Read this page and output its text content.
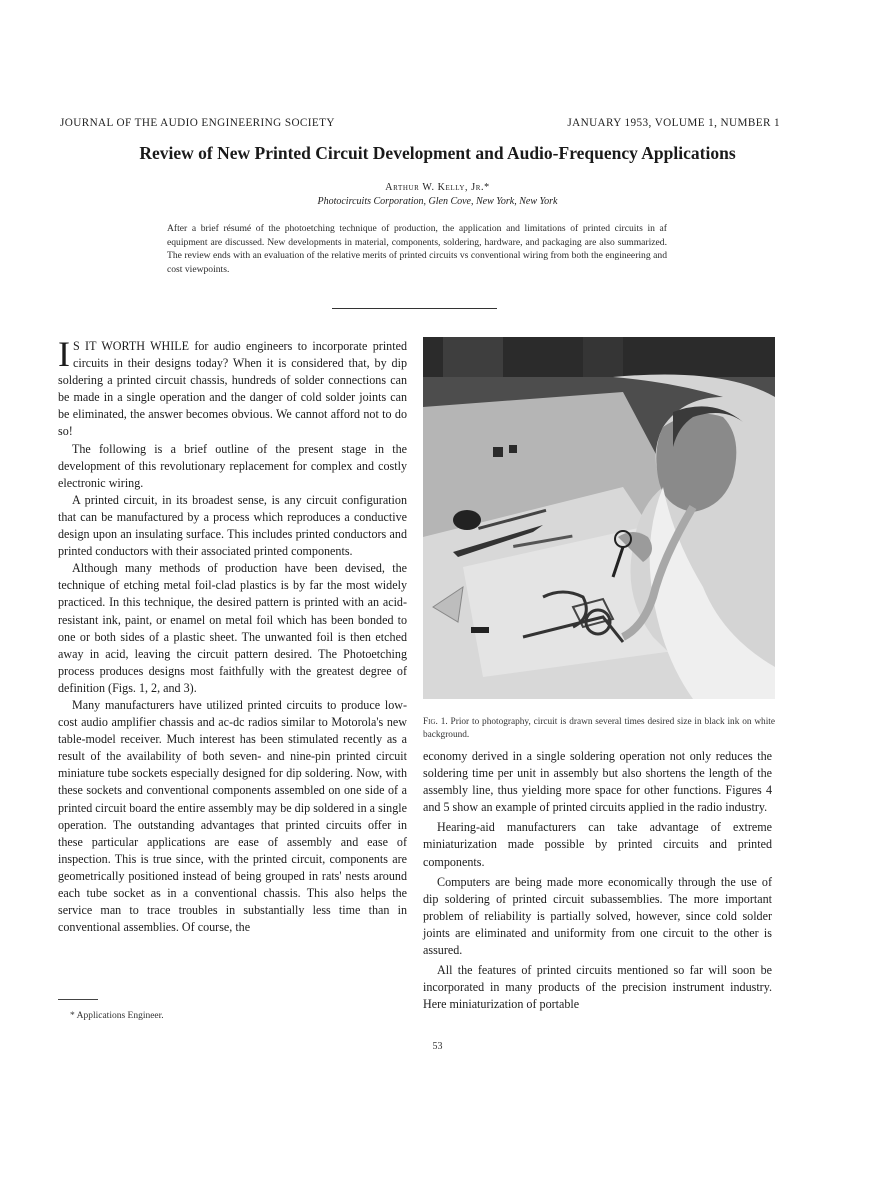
JOURNAL OF THE AUDIO ENGINEERING SOCIETY	JANUARY 1953, VOLUME 1, NUMBER 1
Review of New Printed Circuit Development and Audio-Frequency Applications
Arthur W. Kelly, Jr.*
Photocircuits Corporation, Glen Cove, New York, New York
After a brief résumé of the photoetching technique of production, the application and limitations of printed circuits in af equipment are discussed. New developments in material, components, soldering, hardware, and packaging are also summarized. The review ends with an evaluation of the relative merits of printed circuits vs conventional wiring from both the engineering and cost viewpoints.

I S IT WORTH WHILE for audio engineers to incorporate printed circuits in their designs today? When it is considered that, by dip soldering a printed circuit chassis, hundreds of solder connections can be made in a single operation and the danger of cold solder joints can be eliminated, the answer becomes obvious. We cannot afford not to do so!

The following is a brief outline of the present stage in the development of this revolutionary replacement for complex and costly electronic wiring.

A printed circuit, in its broadest sense, is any circuit configuration that can be manufactured by a process which reproduces a conductive design upon an insulating surface. This includes printed conductors and printed conductors with their associated printed components.

Although many methods of production have been devised, the technique of etching metal foil-clad plastics is by far the most widely practiced. In this technique, the desired pattern is printed with an acid-resistant ink, paint, or enamel on metal foil which has been bonded to one or both sides of a plastic sheet. The unwanted foil is then etched away in acid, leaving the circuit pattern desired. The Photoetching process produces designs most faithfully with the greatest degree of definition (Figs. 1, 2, and 3).

Many manufacturers have utilized printed circuits to produce low-cost audio amplifier chassis and ac-dc radios similar to Motorola's new table-model receiver. Much interest has been stimulated recently as a result of the availability of both seven- and nine-pin printed circuit miniature tube sockets especially designed for dip soldering. Now, with these sockets and conventional components assembled on one side of a printed circuit board the entire assembly may be dip soldered in a single operation. The outstanding advantages that printed circuits offer in these particular applications are ease of assembly and ease of inspection. This is true since, with the printed circuit, components are geometrically positioned instead of being grouped in rats' nests around each tube socket as in a conventional chassis. This also helps the service man to trace troubles in substantially less time than in conventional assemblies. Of course, the

Fig. 1. Prior to photography, circuit is drawn several times desired size in black ink on white background.

economy derived in a single soldering operation not only reduces the soldering time per unit in assembly but also shortens the length of the assembly line, thus yielding more space for other functions. Figures 4 and 5 show an example of printed circuits applied in the radio industry.

Hearing-aid manufacturers can take advantage of extreme miniaturization made possible by printed circuits and printed components.

Computers are being made more economically through the use of dip soldering of printed circuit subassemblies. The more important problem of reliability is partially solved, however, since cold solder joints are eliminated and uniformity from one circuit to the other is assured.

All the features of printed circuits mentioned so far will soon be incorporated in many products of the precision instrument industry. Here miniaturization of portable

* Applications Engineer.
53
